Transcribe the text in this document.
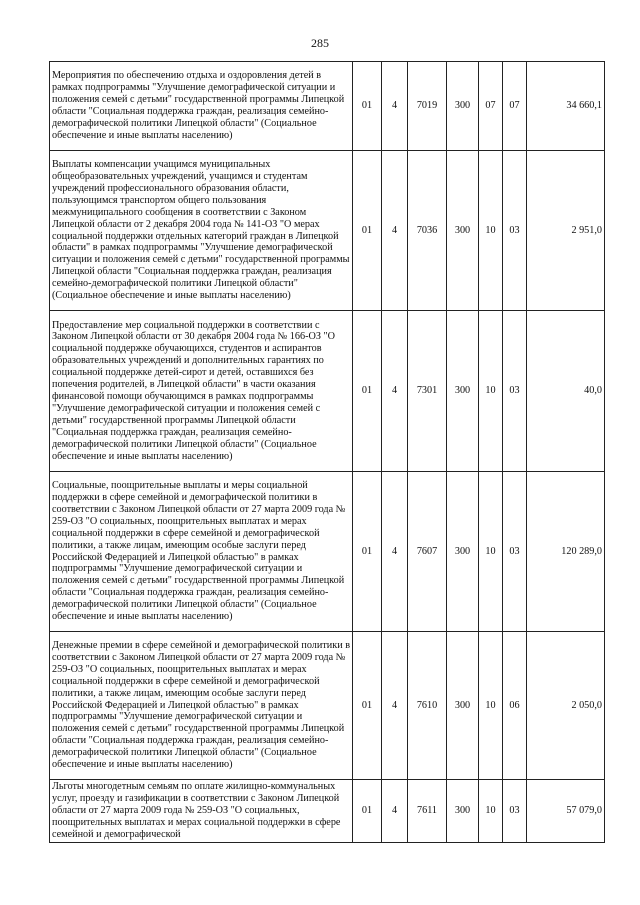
285
Мероприятия по обеспечению отдыха и оздоровления детей в рамках подпрограммы "Улучшение демографической ситуации и положения семей с детьми" государственной программы Липецкой области "Социальная поддержка граждан, реализация семейно-демографической политики Липецкой области" (Социальное обеспечение и иные выплаты населению)	01	4	7019	300	07	07	34 660,1
Выплаты компенсации учащимся муниципальных общеобразовательных учреждений, учащимся и студентам учреждений профессионального образования области, пользующимся транспортом общего пользования межмуниципального сообщения в соответствии с Законом Липецкой области от 2 декабря 2004 года № 141-ОЗ "О мерах социальной поддержки отдельных категорий граждан в Липецкой области" в рамках подпрограммы "Улучшение демографической ситуации и положения семей с детьми" государственной программы Липецкой области "Социальная поддержка граждан, реализация семейно-демографической политики Липецкой области" (Социальное обеспечение и иные выплаты населению)	01	4	7036	300	10	03	2 951,0
Предоставление мер социальной поддержки в соответствии с Законом Липецкой области от 30 декабря 2004 года № 166-ОЗ "О социальной поддержке обучающихся, студентов и аспирантов образовательных учреждений и дополнительных гарантиях по социальной поддержке детей-сирот и детей, оставшихся без попечения родителей, в Липецкой области" в части оказания финансовой помощи обучающимся в рамках подпрограммы "Улучшение демографической ситуации и положения семей с детьми" государственной программы Липецкой области "Социальная поддержка граждан, реализация семейно-демографической политики Липецкой области" (Социальное обеспечение и иные выплаты населению)	01	4	7301	300	10	03	40,0
Социальные, поощрительные выплаты и меры социальной поддержки в сфере семейной и демографической политики в соответствии с Законом Липецкой области от 27 марта 2009 года № 259-ОЗ "О социальных, поощрительных выплатах и мерах социальной поддержки в сфере семейной и демографической политики, а также лицам, имеющим особые заслуги перед Российской Федерацией и Липецкой областью" в рамках подпрограммы "Улучшение демографической ситуации и положения семей с детьми" государственной программы Липецкой области "Социальная поддержка граждан, реализация семейно-демографической политики Липецкой области" (Социальное обеспечение и иные выплаты населению)	01	4	7607	300	10	03	120 289,0
Денежные премии в сфере семейной и демографической политики в соответствии с Законом Липецкой области от 27 марта 2009 года № 259-ОЗ "О социальных, поощрительных выплатах и мерах социальной поддержки в сфере семейной и демографической политики, а также лицам, имеющим особые заслуги перед Российской Федерацией и Липецкой областью" в рамках подпрограммы "Улучшение демографической ситуации и положения семей с детьми" государственной программы Липецкой области "Социальная поддержка граждан, реализация семейно-демографической политики Липецкой области" (Социальное обеспечение и иные выплаты населению)	01	4	7610	300	10	06	2 050,0
Льготы многодетным семьям по оплате жилищно-коммунальных услуг, проезду и газификации в соответствии с Законом Липецкой области от 27 марта 2009 года № 259-ОЗ "О социальных, поощрительных выплатах и мерах социальной поддержки в сфере семейной и демографической	01	4	7611	300	10	03	57 079,0
